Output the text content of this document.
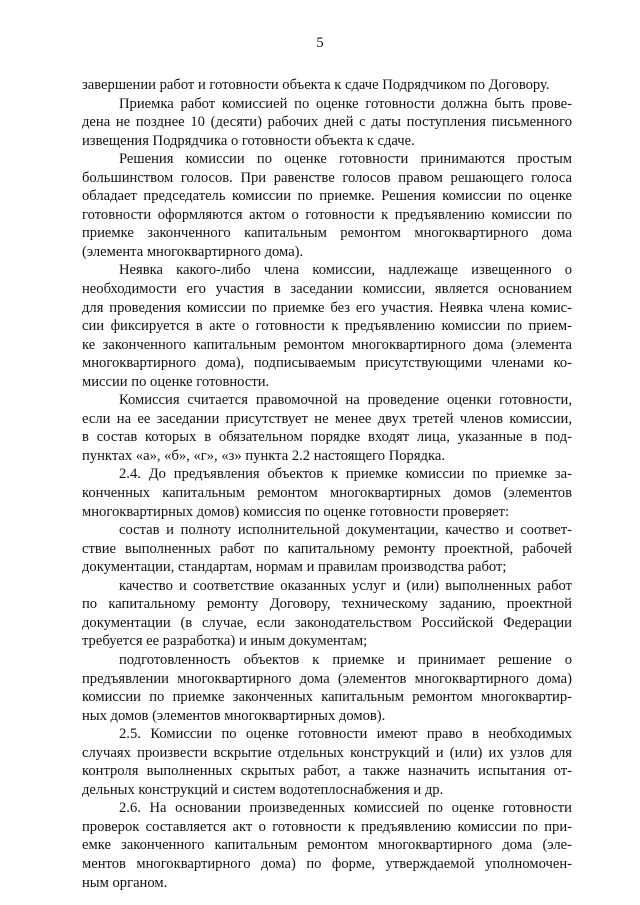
5
завершении работ и готовности объекта к сдаче Подрядчиком по Договору.
Приемка работ комиссией по оценке готовности должна быть прове-
дена не позднее 10 (десяти) рабочих дней с даты поступления письменного
извещения Подрядчика о готовности объекта к сдаче.
Решения комиссии по оценке готовности принимаются простым
большинством голосов. При равенстве голосов правом решающего голоса
обладает председатель комиссии по приемке. Решения комиссии по оценке
готовности оформляются актом о готовности к предъявлению комиссии по
приемке законченного капитальным ремонтом многоквартирного дома
(элемента многоквартирного дома).
Неявка какого-либо члена комиссии, надлежаще извещенного о
необходимости его участия в заседании комиссии, является основанием
для проведения комиссии по приемке без его участия. Неявка члена комис-
сии фиксируется в акте о готовности к предъявлению комиссии по прием-
ке законченного капитальным ремонтом многоквартирного дома (элемента
многоквартирного дома), подписываемым присутствующими членами ко-
миссии по оценке готовности.
Комиссия считается правомочной на проведение оценки готовности,
если на ее заседании присутствует не менее двух третей членов комиссии,
в состав которых в обязательном порядке входят лица, указанные в под-
пунктах «а», «б», «г», «з» пункта 2.2 настоящего Порядка.
2.4. До предъявления объектов к приемке комиссии по приемке за-
конченных капитальным ремонтом многоквартирных домов (элементов
многоквартирных домов) комиссия по оценке готовности проверяет:
состав и полноту исполнительной документации, качество и соответ-
ствие выполненных работ по капитальному ремонту проектной, рабочей
документации, стандартам, нормам и правилам производства работ;
качество и соответствие оказанных услуг и (или) выполненных работ
по капитальному ремонту Договору, техническому заданию, проектной
документации (в случае, если законодательством Российской Федерации
требуется ее разработка) и иным документам;
подготовленность объектов к приемке и принимает решение о
предъявлении многоквартирного дома (элементов многоквартирного дома)
комиссии по приемке законченных капитальным ремонтом многоквартир-
ных домов (элементов многоквартирных домов).
2.5. Комиссии по оценке готовности имеют право в необходимых
случаях произвести вскрытие отдельных конструкций и (или) их узлов для
контроля выполненных скрытых работ, а также назначить испытания от-
дельных конструкций и систем водотеплоснабжения и др.
2.6. На основании произведенных комиссией по оценке готовности
проверок составляется акт о готовности к предъявлению комиссии по при-
емке законченного капитальным ремонтом многоквартирного дома (эле-
ментов многоквартирного дома) по форме, утверждаемой уполномочен-
ным органом.
